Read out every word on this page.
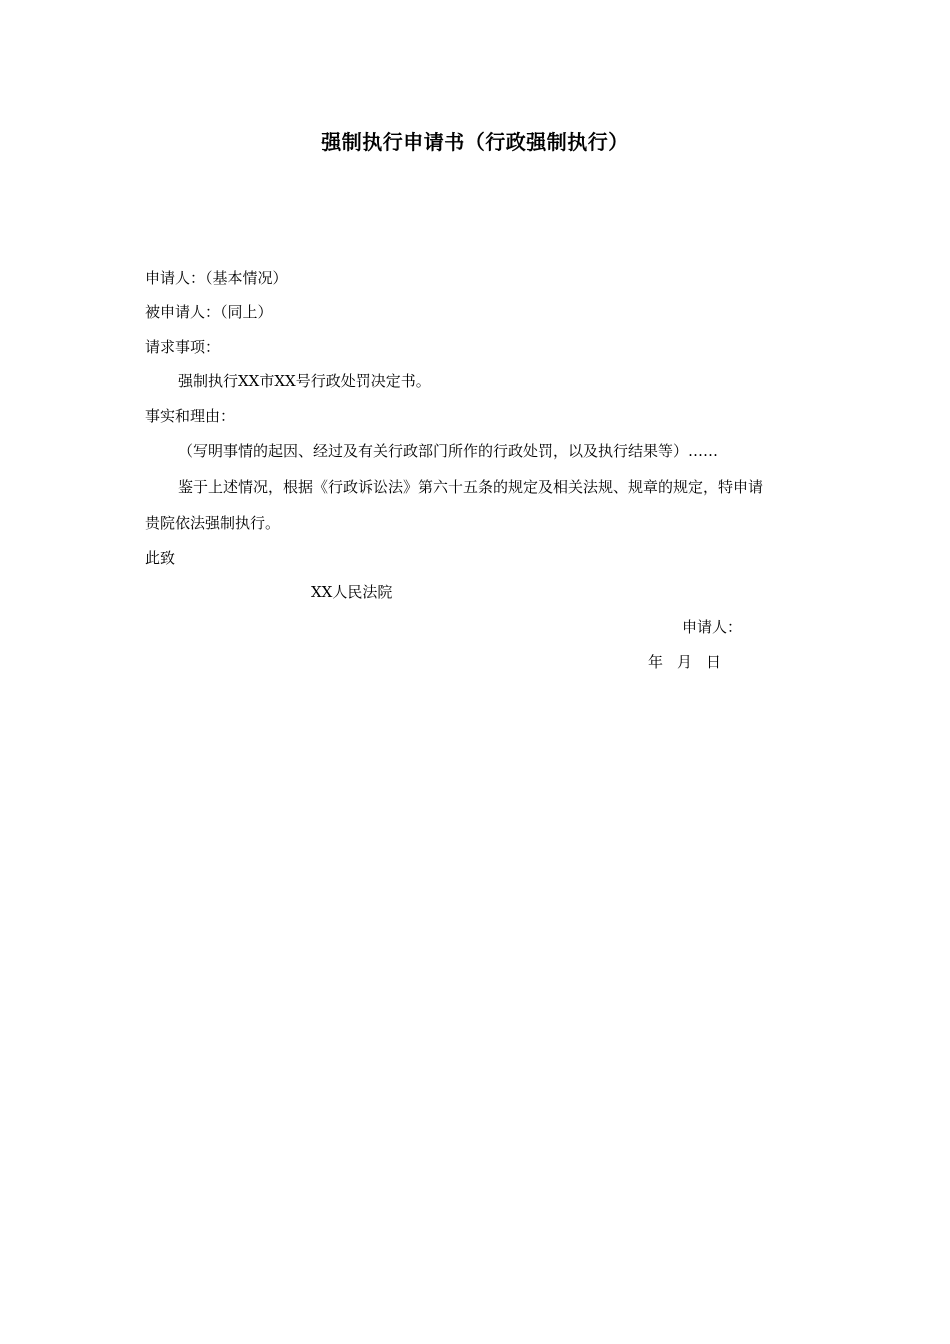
强制执行申请书（行政强制执行）
申请人：（基本情况）
被申请人：（同上）
请求事项：
强制执行XX市XX号行政处罚决定书。
事实和理由：
（写明事情的起因、经过及有关行政部门所作的行政处罚，以及执行结果等）……
鉴于上述情况，根据《行政诉讼法》第六十五条的规定及相关法规、规章的规定，特申请
贵院依法强制执行。
此致
XX人民法院
申请人：
年 月 日
